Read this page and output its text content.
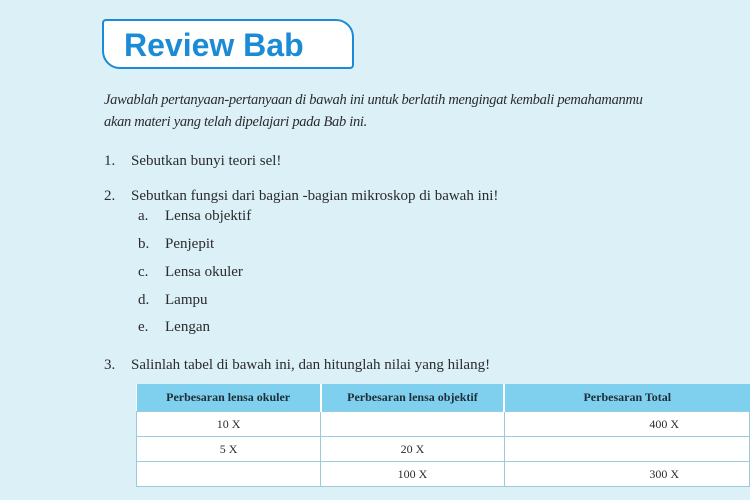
Review Bab
Jawablah pertanyaan-pertanyaan di bawah ini untuk berlatih mengingat kembali pemahamanmu
akan materi yang telah dipelajari pada Bab ini.
1. Sebutkan bunyi teori sel!
2. Sebutkan fungsi dari bagian -bagian mikroskop di bawah ini!
a. Lensa objektif
b. Penjepit
c. Lensa okuler
d. Lampu
e. Lengan
3. Salinlah tabel di bawah ini, dan hitunglah nilai yang hilang!
Perbesaran lensa okuler	Perbesaran lensa objektif	Perbesaran Total
10 X		400 X
5 X	20 X	
	100 X	300 X
